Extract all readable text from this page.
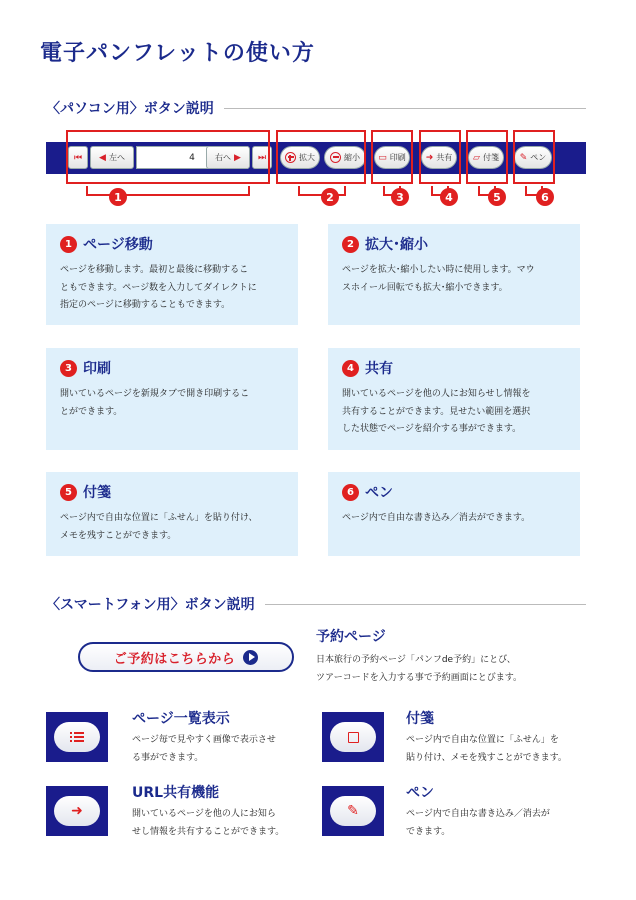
電子パンフレットの使い方
〈パソコン用〉ボタン説明
⏮ ◀ 左へ	4	右へ ▶ ⏭	拡大	縮小 ▭ 印刷 ➜ 共有 ▱ 付箋 ✎ ペン
1	2	3	4	5	6
1 ページ移動
ページを移動します。最初と最後に移動するこ
ともできます。ページ数を入力してダイレクトに
指定のページに移動することもできます。
2 拡大･縮小
ページを拡大･縮小したい時に使用します。マウ
スホイール回転でも拡大･縮小できます。
3 印刷
開いているページを新規タブで開き印刷するこ
とができます。
4 共有
開いているページを他の人にお知らせし情報を
共有することができます。見せたい範囲を選択
した状態でページを紹介する事ができます。
5 付箋
ページ内で自由な位置に「ふせん」を貼り付け、
メモを残すことができます。
6 ペン
ページ内で自由な書き込み／消去ができます。
〈スマートフォン用〉ボタン説明
ご予約はこちらから
予約ページ
日本旅行の予約ページ「パンフde予約」にとび、
ツアーコードを入力する事で予約画面にとびます。
ページ一覧表示
ページ毎で見やすく画像で表示させ
る事ができます。
付箋
ページ内で自由な位置に「ふせん」を
貼り付け、メモを残すことができます。
➜
URL共有機能
開いているページを他の人にお知ら
せし情報を共有することができます。
✎
ペン
ページ内で自由な書き込み／消去が
できます。
